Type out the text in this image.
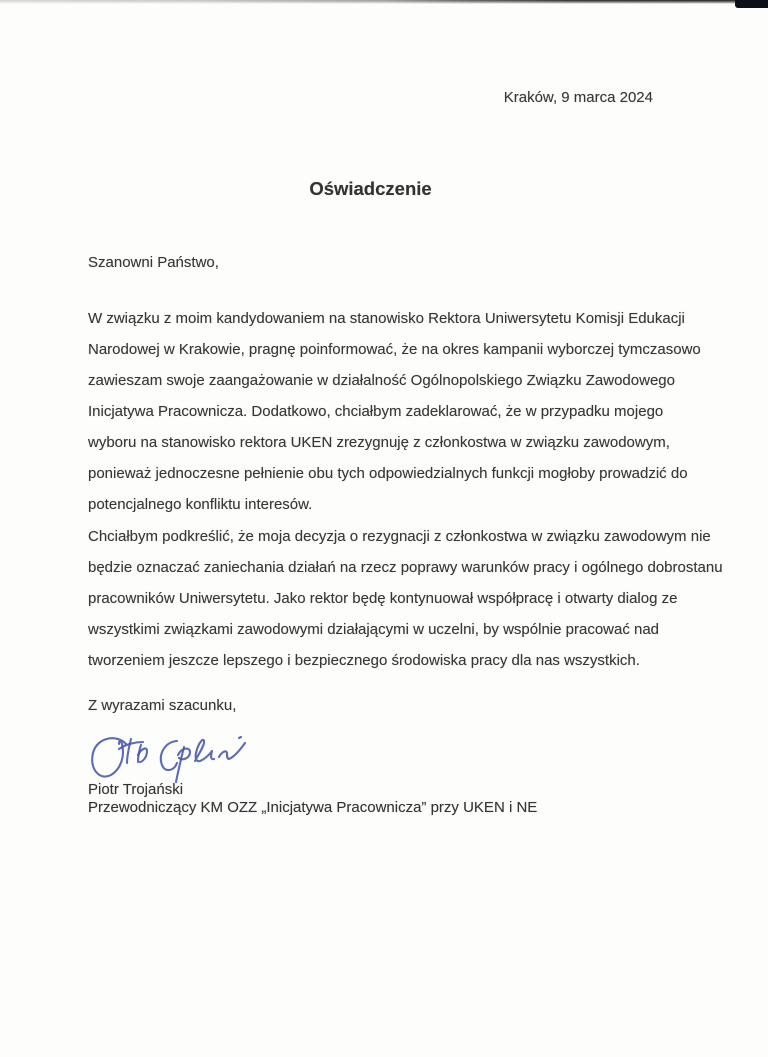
Kraków, 9 marca 2024
Oświadczenie
Szanowni Państwo,
W związku z moim kandydowaniem na stanowisko Rektora Uniwersytetu Komisji Edukacji
Narodowej w Krakowie, pragnę poinformować, że na okres kampanii wyborczej tymczasowo
zawieszam swoje zaangażowanie w działalność Ogólnopolskiego Związku Zawodowego
Inicjatywa Pracownicza. Dodatkowo, chciałbym zadeklarować, że w przypadku mojego
wyboru na stanowisko rektora UKEN zrezygnuję z członkostwa w związku zawodowym,
ponieważ jednoczesne pełnienie obu tych odpowiedzialnych funkcji mogłoby prowadzić do
potencjalnego konfliktu interesów.
Chciałbym podkreślić, że moja decyzja o rezygnacji z członkostwa w związku zawodowym nie
będzie oznaczać zaniechania działań na rzecz poprawy warunków pracy i ogólnego dobrostanu
pracowników Uniwersytetu. Jako rektor będę kontynuował współpracę i otwarty dialog ze
wszystkimi związkami zawodowymi działającymi w uczelni, by wspólnie pracować nad
tworzeniem jeszcze lepszego i bezpiecznego środowiska pracy dla nas wszystkich.
Z wyrazami szacunku,
Piotr Trojański
Przewodniczący KM OZZ „Inicjatywa Pracownicza” przy UKEN i NE
